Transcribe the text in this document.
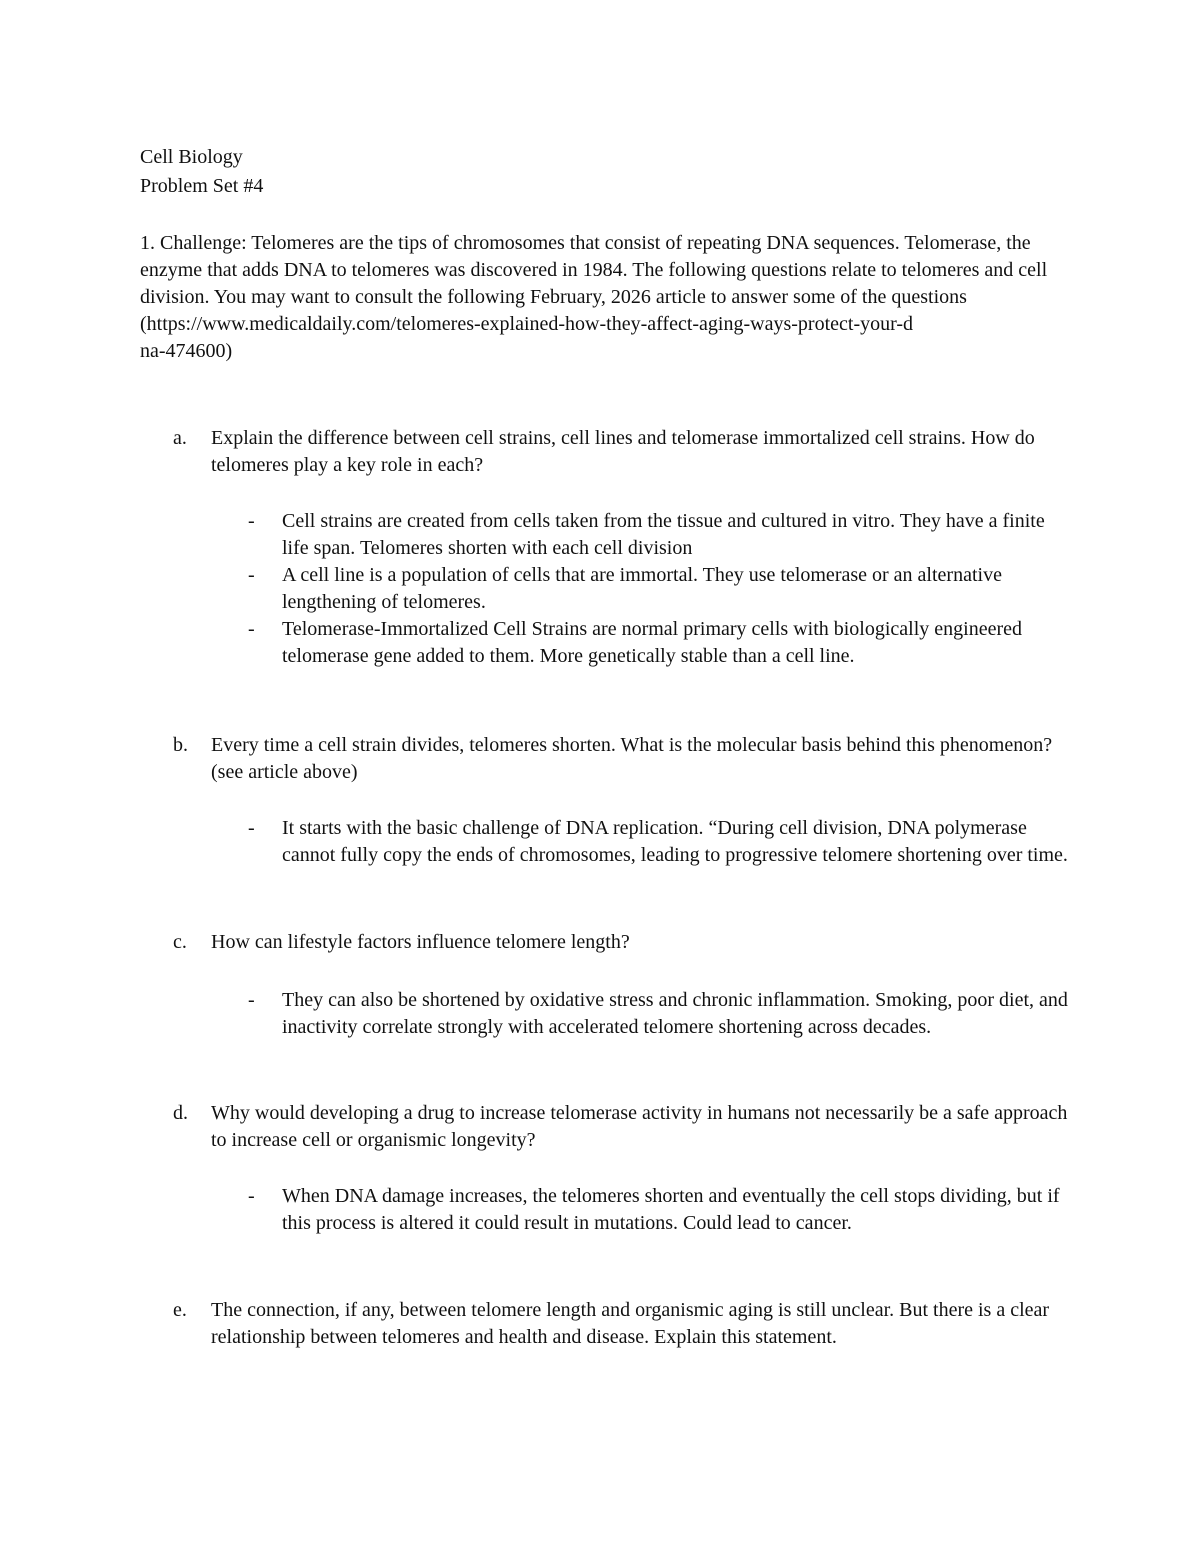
Cell Biology
Problem Set #4

1. Challenge: Telomeres are the tips of chromosomes that consist of repeating DNA sequences. Telomerase, the enzyme that adds DNA to telomeres was discovered in 1984. The following questions relate to telomeres and cell division. You may want to consult the following February, 2026 article to answer some of the questions

(https://www.medicaldaily.com/telomeres-explained-how-they-affect-aging-ways-protect-your-d

na-474600)

a. Explain the difference between cell strains, cell lines and telomerase immortalized cell strains. How do telomeres play a key role in each?
- Cell strains are created from cells taken from the tissue and cultured in vitro. They have a finite life span. Telomeres shorten with each cell division
- A cell line is a population of cells that are immortal. They use telomerase or an alternative lengthening of telomeres.
- Telomerase-Immortalized Cell Strains are normal primary cells with biologically engineered telomerase gene added to them. More genetically stable than a cell line.
b. Every time a cell strain divides, telomeres shorten. What is the molecular basis behind this phenomenon? (see article above)
- It starts with the basic challenge of DNA replication. “During cell division, DNA polymerase cannot fully copy the ends of chromosomes, leading to progressive telomere shortening over time.
c. How can lifestyle factors influence telomere length?
- They can also be shortened by oxidative stress and chronic inflammation. Smoking, poor diet, and inactivity correlate strongly with accelerated telomere shortening across decades.
d. Why would developing a drug to increase telomerase activity in humans not necessarily be a safe approach to increase cell or organismic longevity?
- When DNA damage increases, the telomeres shorten and eventually the cell stops dividing, but if this process is altered it could result in mutations. Could lead to cancer.
e. The connection, if any, between telomere length and organismic aging is still unclear. But there is a clear relationship between telomeres and health and disease. Explain this statement.
